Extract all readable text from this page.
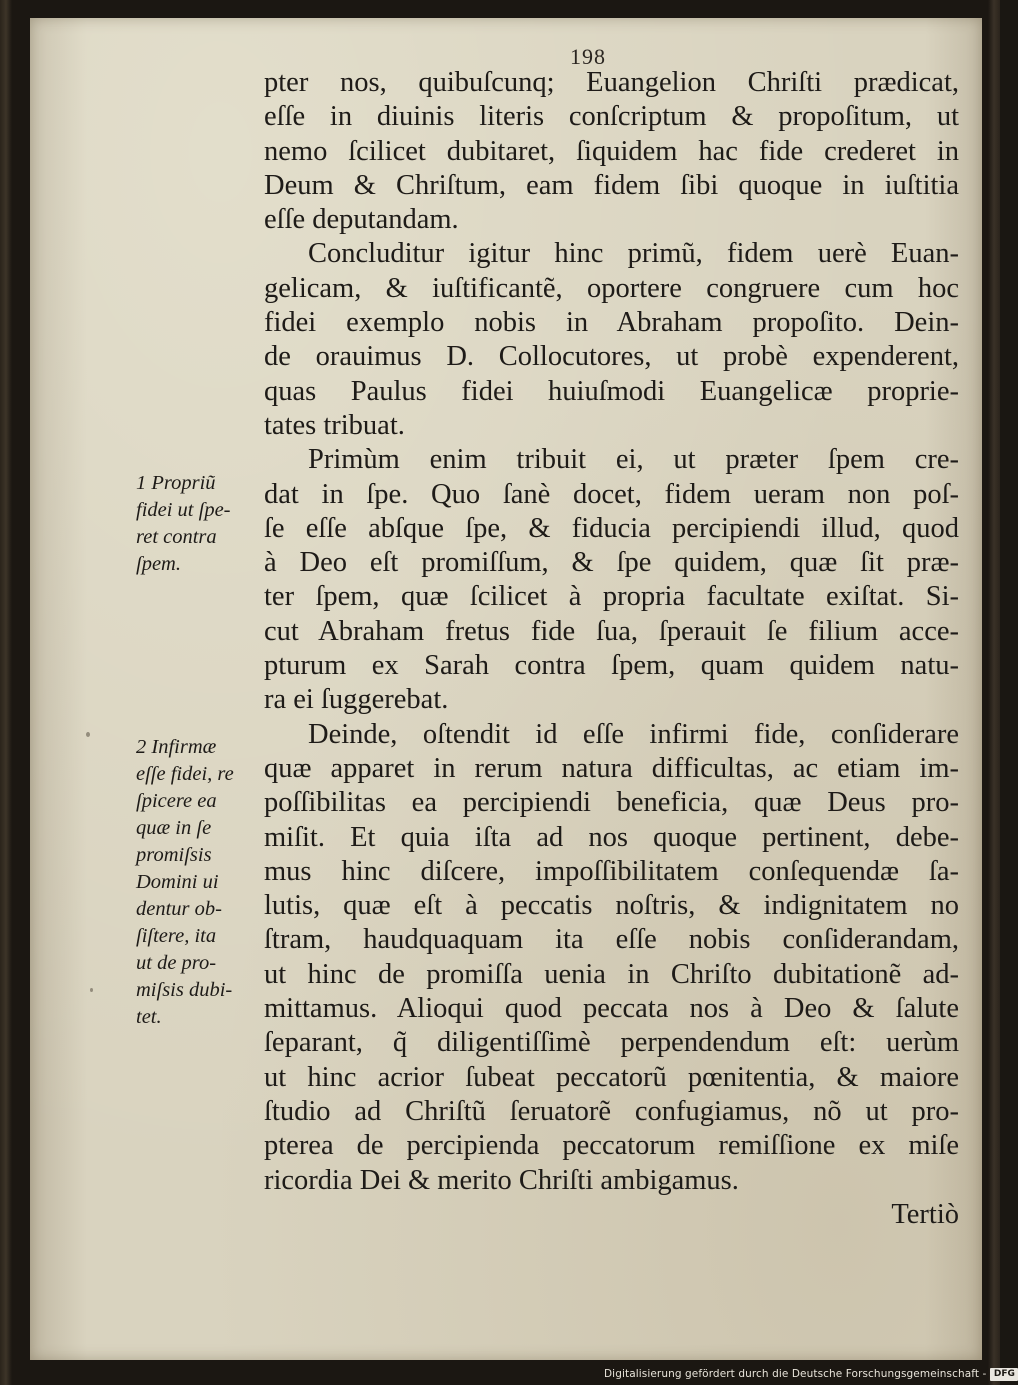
198

pter nos, quibuſcunq; Euangelion Chriſti prædicat,
eſſe in diuinis literis conſcriptum & propoſitum, ut
nemo ſcilicet dubitaret, ſiquidem hac fide crederet in
Deum & Chriſtum, eam fidem ſibi quoque in iuſtitia
eſſe deputandam.

Concluditur igitur hinc primũ, fidem uerè Euan-
gelicam, & iuſtificantẽ, oportere congruere cum hoc
fidei exemplo nobis in Abraham propoſito. Dein-
de orauimus D. Collocutores, ut probè expenderent,
quas Paulus fidei huiuſmodi Euangelicæ proprie-
tates tribuat.

Primùm enim tribuit ei, ut præter ſpem cre-
dat in ſpe. Quo ſanè docet, fidem ueram non poſ-
ſe eſſe abſque ſpe, & fiducia percipiendi illud, quod
à Deo eſt promiſſum, & ſpe quidem, quæ ſit præ-
ter ſpem, quæ ſcilicet à propria facultate exiſtat. Si-
cut Abraham fretus fide ſua, ſperauit ſe filium acce-
pturum ex Sarah contra ſpem, quam quidem natu-
ra ei ſuggerebat.

Deinde, oſtendit id eſſe infirmi fide, conſiderare
quæ apparet in rerum natura difficultas, ac etiam im-
poſſibilitas ea percipiendi beneficia, quæ Deus pro-
miſit. Et quia iſta ad nos quoque pertinent, debe-
mus hinc diſcere, impoſſibilitatem conſequendæ ſa-
lutis, quæ eſt à peccatis noſtris, & indignitatem no
ſtram, haudquaquam ita eſſe nobis conſiderandam,
ut hinc de promiſſa uenia in Chriſto dubitationẽ ad-
mittamus. Alioqui quod peccata nos à Deo & ſalute
ſeparant, q̃ diligentiſſimè perpendendum eſt: uerùm
ut hinc acrior ſubeat peccatorũ pœnitentia, & maiore
ſtudio ad Chriſtũ ſeruatorẽ confugiamus, nõ ut pro-
pterea de percipienda peccatorum remiſſione ex miſe
ricordia Dei & merito Chriſti ambigamus.

Tertiò

1 Propriũ
fidei ut ſpe-
ret contra
ſpem.
2 Infirmæ
eſſe fidei, re
ſpicere ea
quæ in ſe
promiſsis
Domini ui
dentur ob-
ſiſtere, ita
ut de pro-
miſsis dubi-
tet.
Digitalisierung gefördert durch die Deutsche Forschungsgemeinschaft - DFG
